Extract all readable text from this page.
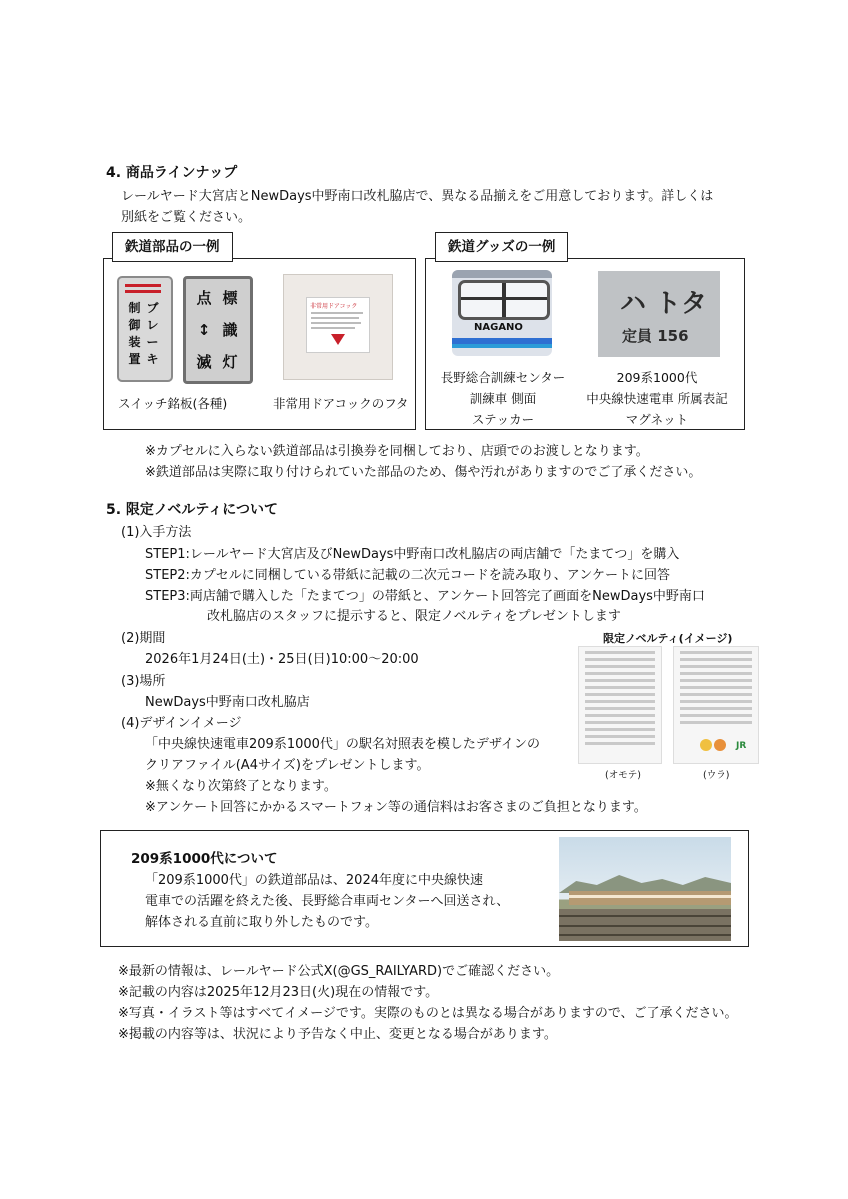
4. 商品ラインナップ
レールヤード大宮店とNewDays中野南口改札脇店で、異なる品揃えをご用意しております。詳しくは
別紙をご覧ください。
鉄道部品の一例
制
御
装
置
ブ
レ
ー
キ
点
↕
滅
標
識
灯
非常用ドアコック
スイッチ銘板(各種)	非常用ドアコックのフタ
鉄道グッズの一例
NAGANO
ハ トタ
定員 156
長野総合訓練センター
訓練車 側面
ステッカー
209系1000代
中央線快速電車 所属表記
マグネット
※カプセルに入らない鉄道部品は引換券を同梱しており、店頭でのお渡しとなります。
※鉄道部品は実際に取り付けられていた部品のため、傷や汚れがありますのでご了承ください。
5. 限定ノベルティについて
(1)入手方法
STEP1:レールヤード大宮店及びNewDays中野南口改札脇店の両店舗で「たまてつ」を購入
STEP2:カプセルに同梱している帯紙に記載の二次元コードを読み取り、アンケートに回答
STEP3:両店舗で購入した「たまてつ」の帯紙と、アンケート回答完了画面をNewDays中野南口
改札脇店のスタッフに提示すると、限定ノベルティをプレゼントします
(2)期間
2026年1月24日(土)・25日(日)10:00〜20:00
(3)場所
NewDays中野南口改札脇店
(4)デザインイメージ
「中央線快速電車209系1000代」の駅名対照表を模したデザインの
クリアファイル(A4サイズ)をプレゼントします。
※無くなり次第終了となります。
※アンケート回答にかかるスマートフォン等の通信料はお客さまのご負担となります。
限定ノベルティ(イメージ)
JR
(オモテ)	(ウラ)
209系1000代について
「209系1000代」の鉄道部品は、2024年度に中央線快速
電車での活躍を終えた後、長野総合車両センターへ回送され、
解体される直前に取り外したものです。
※最新の情報は、レールヤード公式X(@GS_RAILYARD)でご確認ください。
※記載の内容は2025年12月23日(火)現在の情報です。
※写真・イラスト等はすべてイメージです。実際のものとは異なる場合がありますので、ご了承ください。
※掲載の内容等は、状況により予告なく中止、変更となる場合があります。
